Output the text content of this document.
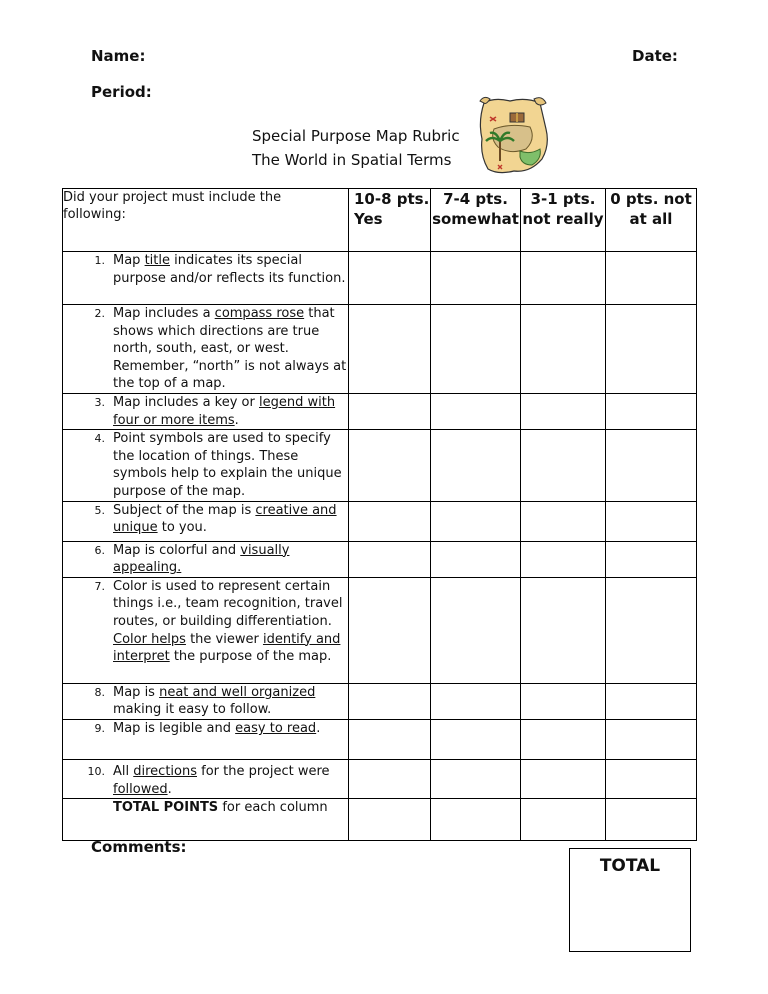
Name:	Date:
Period:
Special Purpose Map Rubric
The World in Spatial Terms
Did your project must include the following:	10-8 pts. Yes	7-4 pts. somewhat	3-1 pts. not really	0 pts. not at all

1. Map title indicates its special purpose and/or reflects its function.				

2. Map includes a compass rose that shows which directions are true north, south, east, or west. Remember, “north” is not always at the top of a map.				

3. Map includes a key or legend with four or more items.				

4. Point symbols are used to specify the location of things. These symbols help to explain the unique purpose of the map.				

5. Subject of the map is creative and unique to you.				

6. Map is colorful and visually appealing.				

7. Color is used to represent certain things i.e., team recognition, travel routes, or building differentiation. Color helps the viewer identify and interpret the purpose of the map.				

8. Map is neat and well organized making it easy to follow.				

9. Map is legible and easy to read.				

10. All directions for the project were followed.				

TOTAL POINTS for each column				

Comments:
TOTAL
